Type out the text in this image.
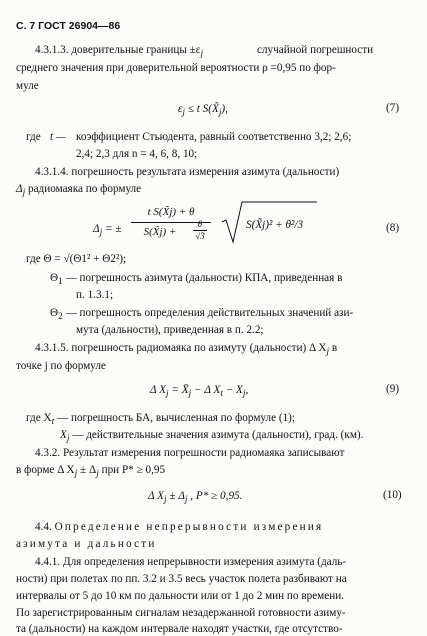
С. 7 ГОСТ 26904—86
4.3.1.3. доверительные границы $\pm\varepsilon_j$	случайной погрешности
среднего значения при доверительной вероятности ρ =0,95 по фор-
муле
$\varepsilon_j \le t$ $S(X̃_j)$,	(7)
где t — коэффициент Стьюдента, равный соответственно 3,2; 2,6;
2,4; 2,3 для n = 4, 6, 8, 10;
4.3.1.4. погрешность результата измерения азимута (дальности)
$\Delta_j$ радиомаяка по формуле
$\Delta_j$ = ±
t S(X̃j) + θ
S(X̃j) +
θ
√3
S(X̃j)² + θ²/3	(8)
где Θ = √(Θ1² + Θ2²);
$\Theta_1$ — погрешность азимута (дальности) КПА, приведенная в
п. 1.3.1;
$\Theta_2$ — погрешность определения действительных значений ази-
мута (дальности), приведенная в п. 2.2;
4.3.1.5. погрешность радиомаяка по азимуту (дальности) Δ $X_j$ в
точке j по формуле
Δ $X_j$ = $X̄_j - \Delta$ $X_t - X_j$,	(9)
где $X_t$ — погрешность БА, вычисленная по формуле (1);
$X_j$ — действительные значения азимута (дальности), град. (км).
4.3.2. Результат измерения погрешности радиомаяка записывают
в форме Δ $X_j \pm \Delta_j$ при P* ≥ 0,95
Δ $X_j \pm \Delta_j$ , P* ≥ 0,95.	(10)
4.4. Определение непрерывности измерения
азимута и дальности
4.4.1. Для определения непрерывности измерения азимута (даль-
ности) при полетах по пп. 3.2 и 3.5 весь участок полета разбивают на
интервалы от 5 до 10 км по дальности или от 1 до 2 мин по времени.
По зарегистрированным сигналам незадержанной готовности азиму-
та (дальности) на каждом интервале находят участки, где отсутство-
